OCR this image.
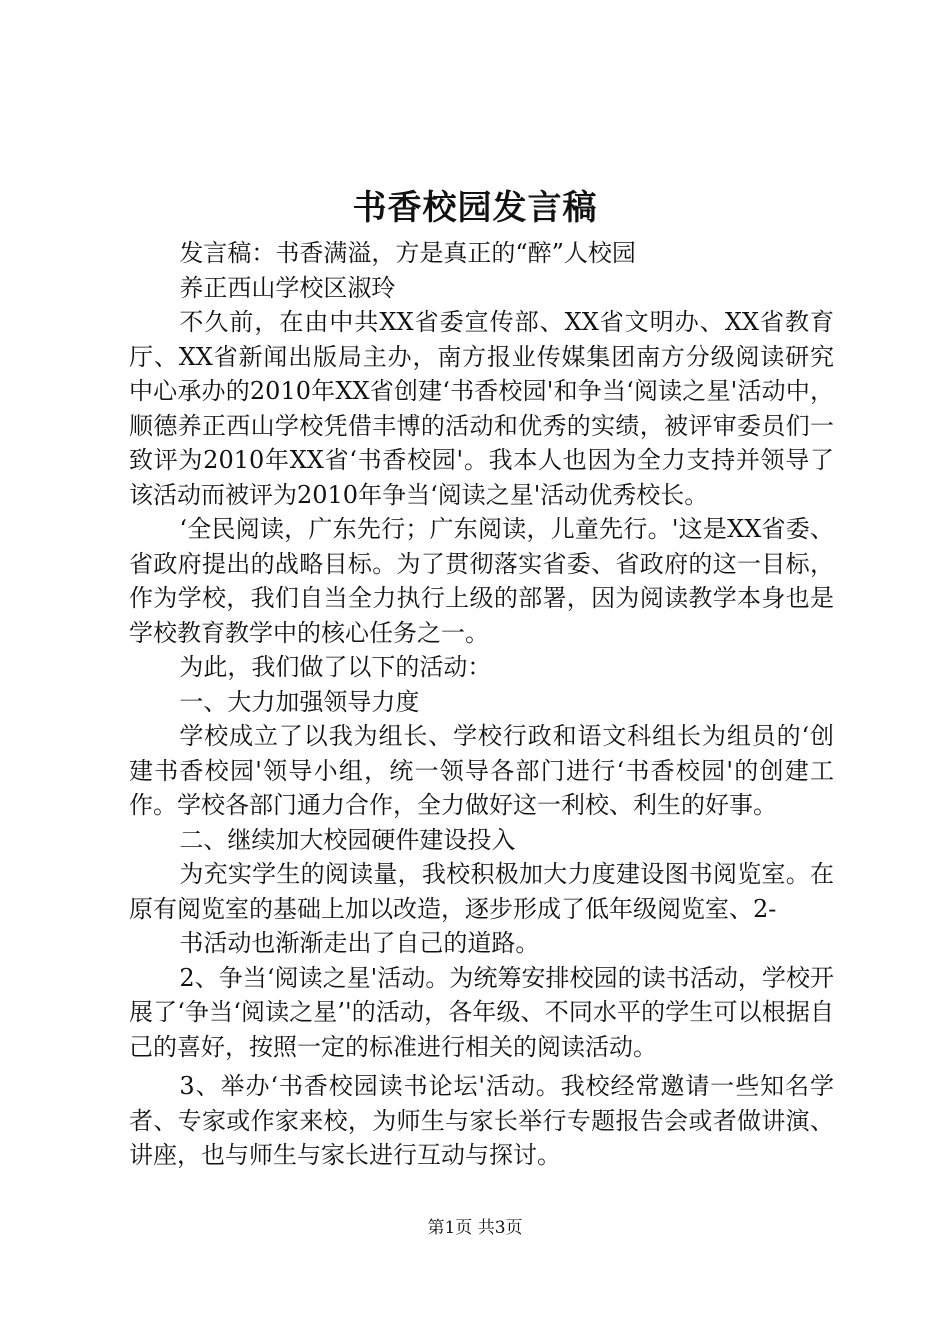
书香校园发言稿

发言稿：书香满溢，方是真正的“醉”人校园

养正西山学校区淑玲

不久前，在由中共XX省委宣传部、XX省文明办、XX省教育厅、XX省新闻出版局主办，南方报业传媒集团南方分级阅读研究中心承办的2010年XX省创建‘书香校园'和争当‘阅读之星'活动中，顺德养正西山学校凭借丰博的活动和优秀的实绩，被评审委员们一致评为2010年XX省‘书香校园'。我本人也因为全力支持并领导了该活动而被评为2010年争当‘阅读之星'活动优秀校长。

‘全民阅读，广东先行；广东阅读，儿童先行。'这是XX省委、省政府提出的战略目标。为了贯彻落实省委、省政府的这一目标，作为学校，我们自当全力执行上级的部署，因为阅读教学本身也是学校教育教学中的核心任务之一。

为此，我们做了以下的活动：

一、大力加强领导力度

学校成立了以我为组长、学校行政和语文科组长为组员的‘创建书香校园'领导小组，统一领导各部门进行‘书香校园'的创建工作。学校各部门通力合作，全力做好这一利校、利生的好事。

二、继续加大校园硬件建设投入

为充实学生的阅读量，我校积极加大力度建设图书阅览室。在原有阅览室的基础上加以改造，逐步形成了低年级阅览室、2-

书活动也渐渐走出了自己的道路。

2、争当‘阅读之星'活动。为统筹安排校园的读书活动，学校开展了‘争当‘阅读之星’'的活动，各年级、不同水平的学生可以根据自己的喜好，按照一定的标准进行相关的阅读活动。

3、举办‘书香校园读书论坛'活动。我校经常邀请一些知名学者、专家或作家来校，为师生与家长举行专题报告会或者做讲演、讲座，也与师生与家长进行互动与探讨。

第1页 共3页
